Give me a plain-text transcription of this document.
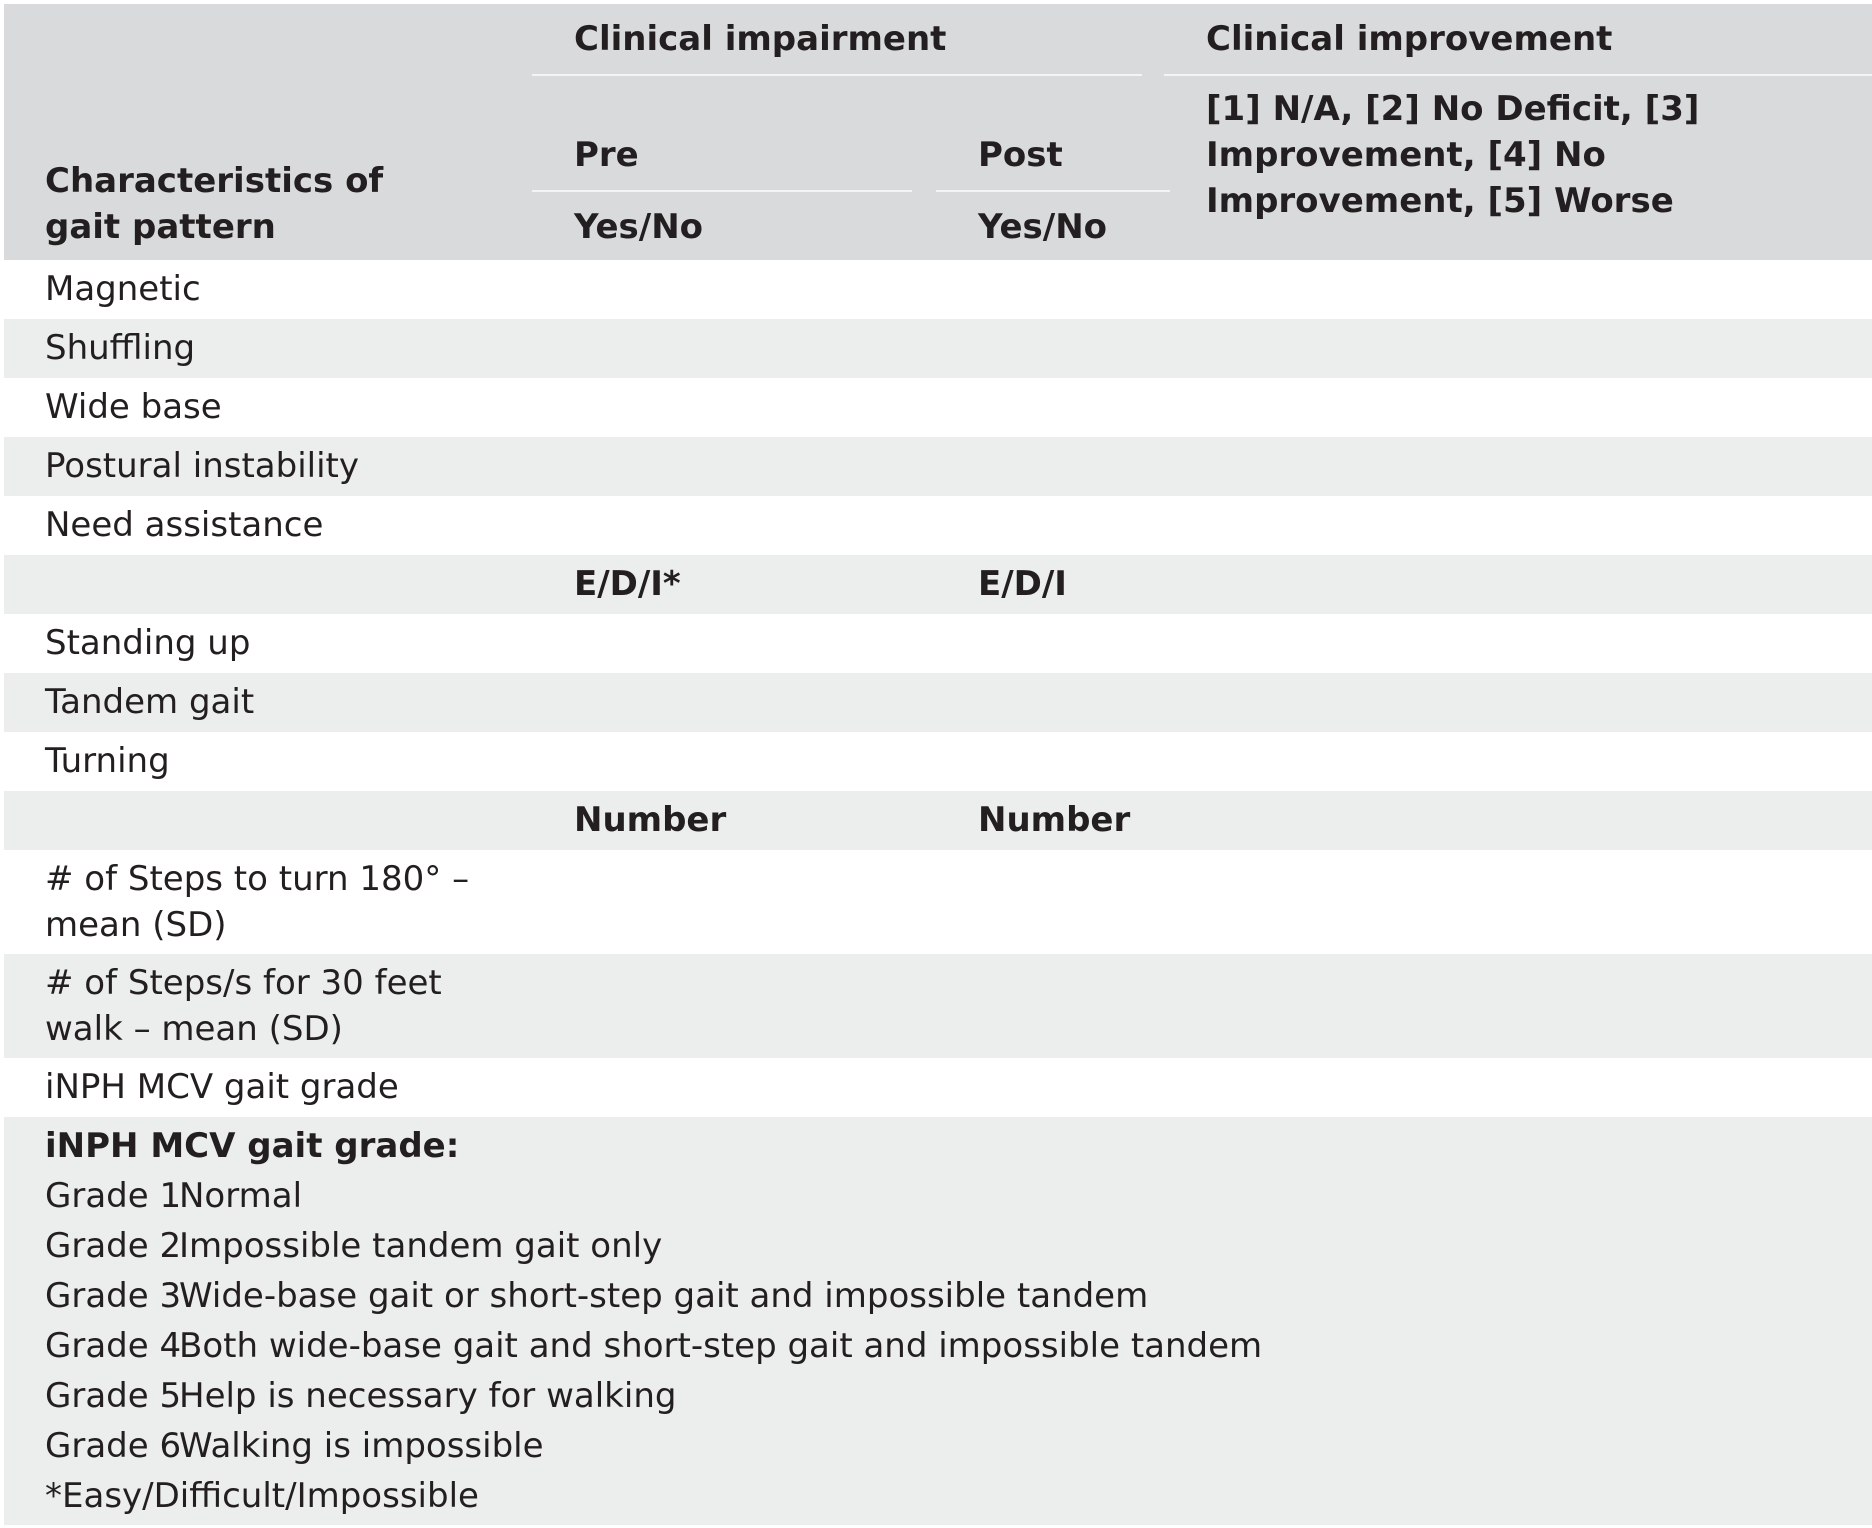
Characteristics of gait pattern
Clinical impairment	Clinical improvement
[1] N/A, [2] No Deficit, [3] Improvement, [4] No Improvement, [5] Worse
Pre	Post
Yes/No	Yes/No
Magnetic
Shuffling
Wide base
Postural instability
Need assistance
E/D/I*	E/D/I
Standing up
Tandem gait
Turning
Number	Number
# of Steps to turn 180° – mean (SD)
# of Steps/s for 30 feet walk – mean (SD)
iNPH MCV gait grade
iNPH MCV gait grade:
Grade 1Normal
Grade 2Impossible tandem gait only
Grade 3Wide-base gait or short-step gait and impossible tandem
Grade 4Both wide-base gait and short-step gait and impossible tandem
Grade 5Help is necessary for walking
Grade 6Walking is impossible
*Easy/Difficult/Impossible
